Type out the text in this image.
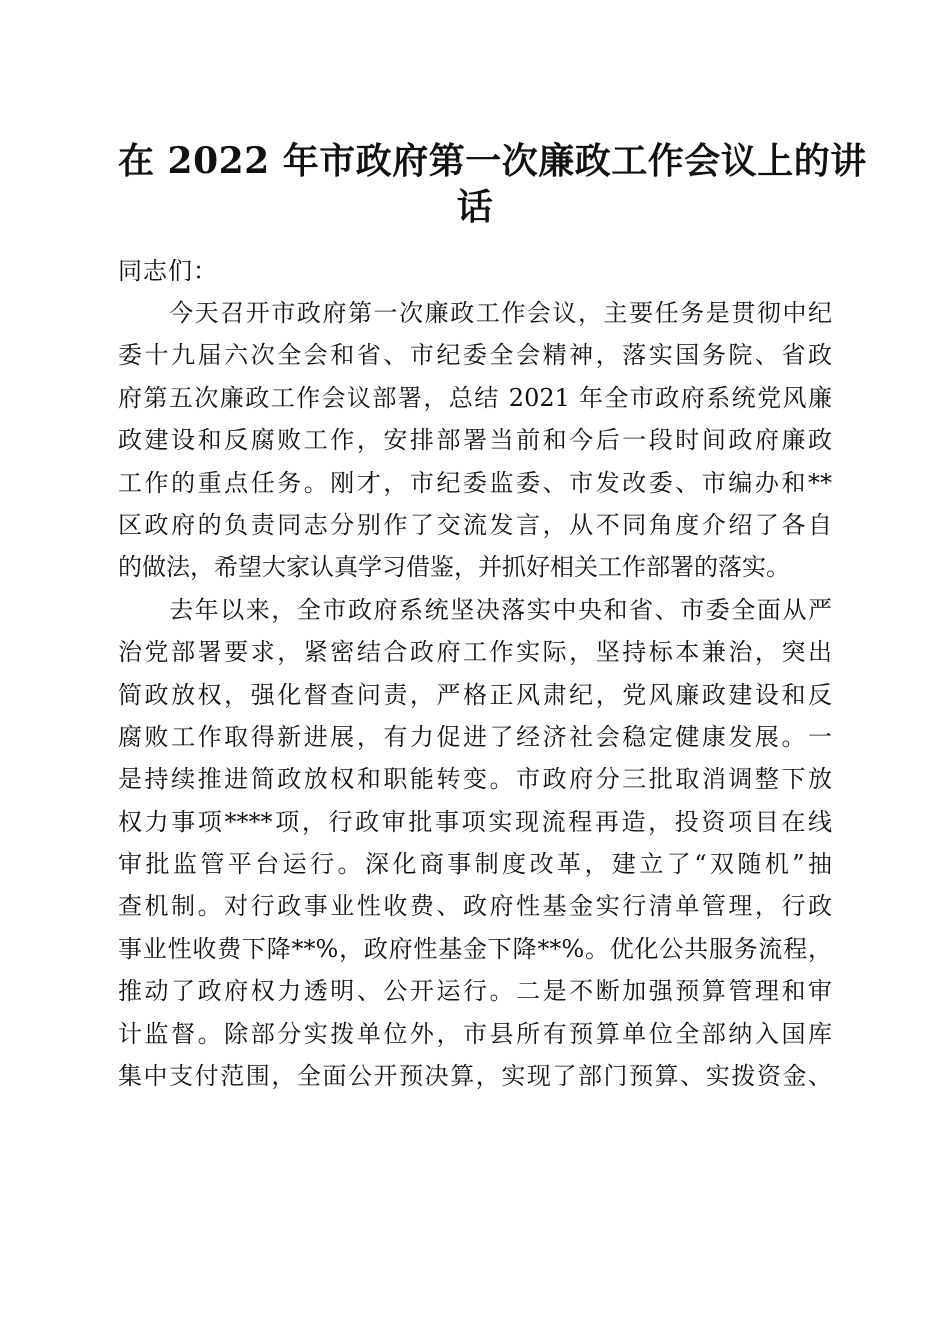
在 2022 年市政府第一次廉政工作会议上的讲
话
同志们：
　　今天召开市政府第一次廉政工作会议，主要任务是贯彻中纪
委十九届六次全会和省、市纪委全会精神，落实国务院、省政
府第五次廉政工作会议部署，总结 2021 年全市政府系统党风廉
政建设和反腐败工作，安排部署当前和今后一段时间政府廉政
工作的重点任务。刚才，市纪委监委、市发改委、市编办和**
区政府的负责同志分别作了交流发言，从不同角度介绍了各自
的做法，希望大家认真学习借鉴，并抓好相关工作部署的落实。
　　去年以来，全市政府系统坚决落实中央和省、市委全面从严
治党部署要求，紧密结合政府工作实际，坚持标本兼治，突出
简政放权，强化督查问责，严格正风肃纪，党风廉政建设和反
腐败工作取得新进展，有力促进了经济社会稳定健康发展。一
是持续推进简政放权和职能转变。市政府分三批取消调整下放
权力事项****项，行政审批事项实现流程再造，投资项目在线
审批监管平台运行。深化商事制度改革，建立了“双随机”抽
查机制。对行政事业性收费、政府性基金实行清单管理，行政
事业性收费下降**%，政府性基金下降**%。优化公共服务流程，
推动了政府权力透明、公开运行。二是不断加强预算管理和审
计监督。除部分实拨单位外，市县所有预算单位全部纳入国库
集中支付范围，全面公开预决算，实现了部门预算、实拨资金、
